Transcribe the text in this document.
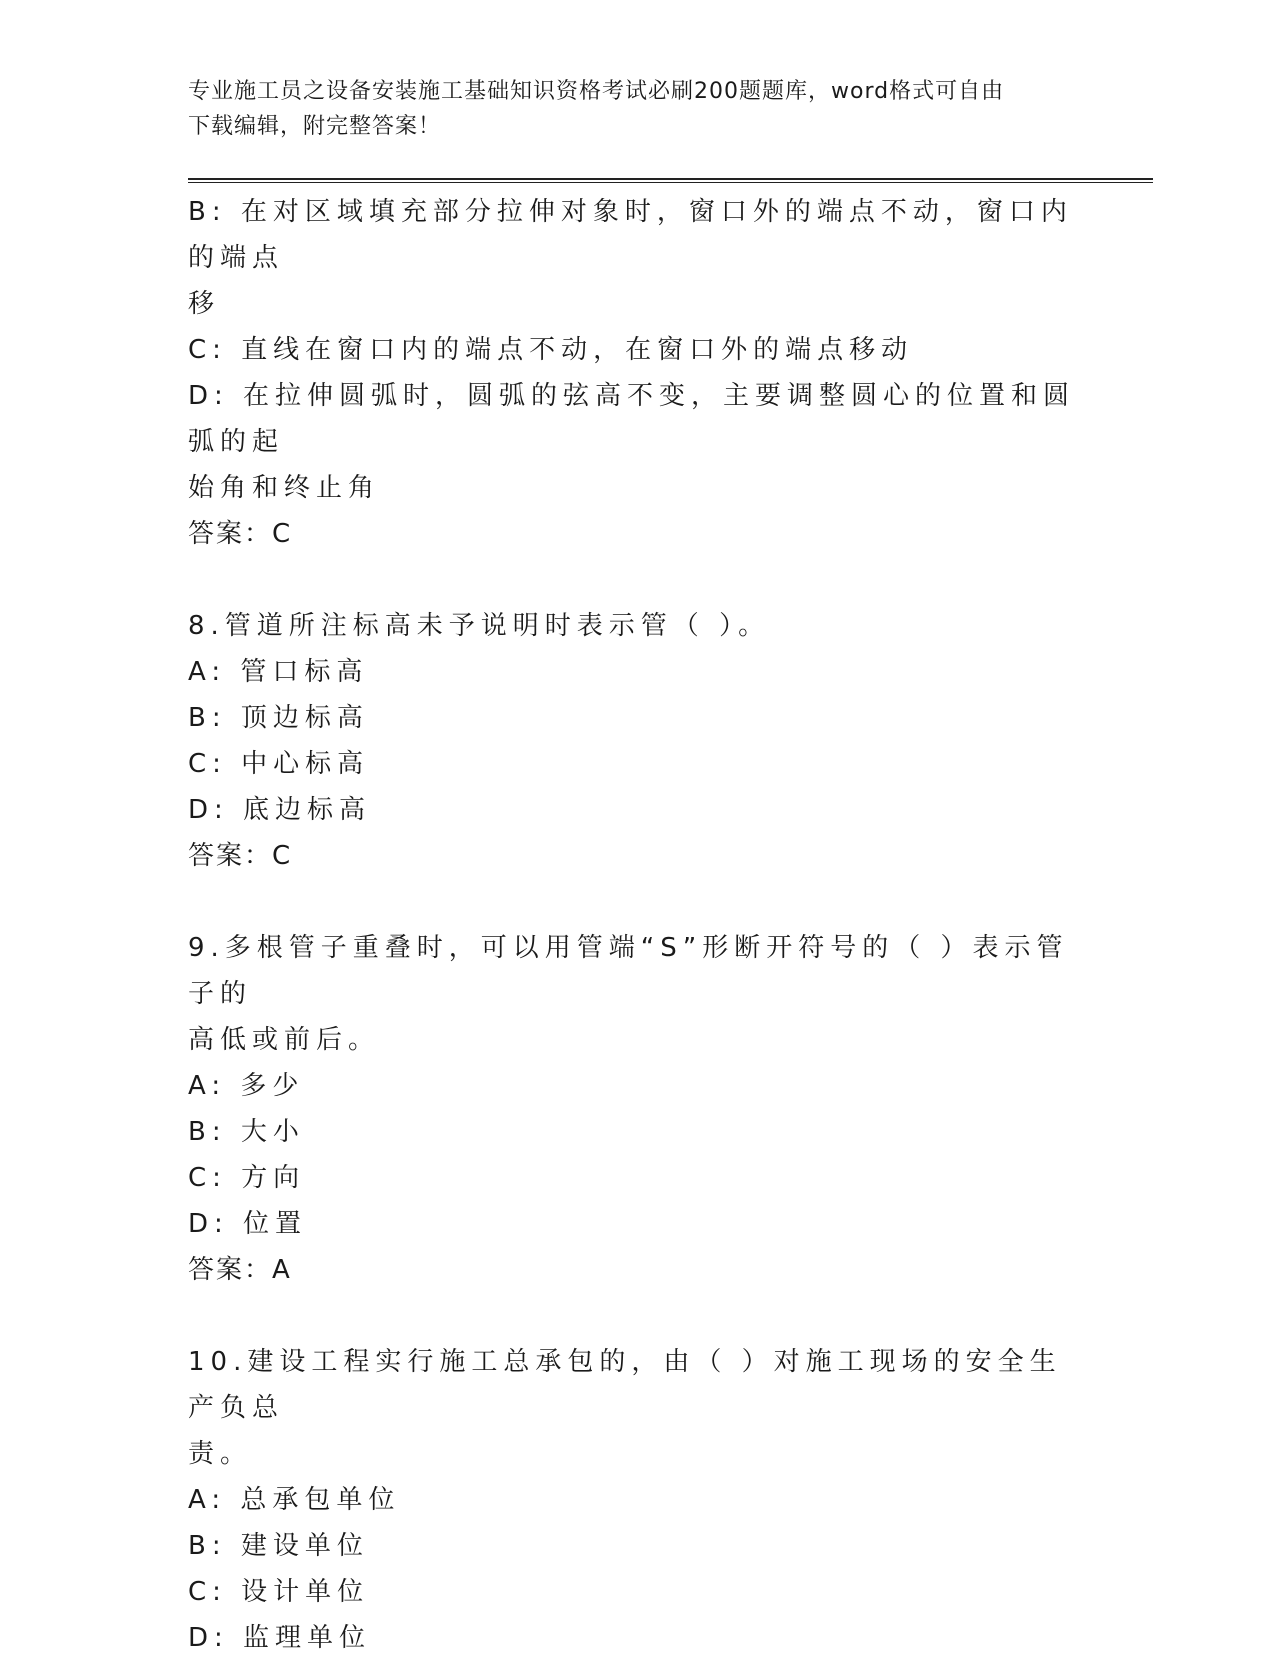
专业施工员之设备安装施工基础知识资格考试必刷200题题库，word格式可自由
下载编辑，附完整答案！
B: 在对区域填充部分拉伸对象时，窗口外的端点不动，窗口内的端点
移
C: 直线在窗口内的端点不动，在窗口外的端点移动
D: 在拉伸圆弧时，圆弧的弦高不变，主要调整圆心的位置和圆弧的起
始角和终止角
答案：C
8.管道所注标高未予说明时表示管（ ）。
A: 管口标高
B: 顶边标高
C: 中心标高
D: 底边标高
答案：C
9.多根管子重叠时，可以用管端“S”形断开符号的（ ）表示管子的
高低或前后。
A: 多少
B: 大小
C: 方向
D: 位置
答案：A
10.建设工程实行施工总承包的，由（ ）对施工现场的安全生产负总
责。
A: 总承包单位
B: 建设单位
C: 设计单位
D: 监理单位
